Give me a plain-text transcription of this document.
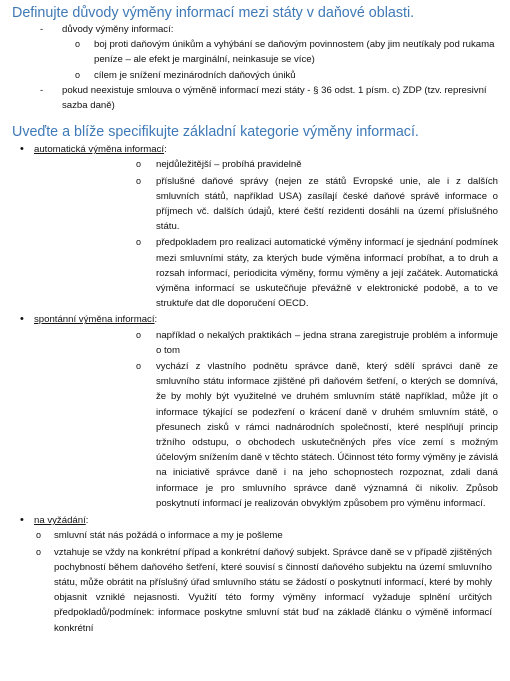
Definujte důvody výměny informací mezi státy v daňové oblasti.
- důvody výměny informací:
o boj proti daňovým únikům a vyhýbání se daňovým povinnostem (aby jim neutíkaly pod rukama peníze – ale efekt je marginální, neinkasuje se více)
o cílem je snížení mezinárodních daňových úniků
- pokud neexistuje smlouva o výměně informací mezi státy - § 36 odst. 1 písm. c) ZDP (tzv. represivní sazba daně)
Uveďte a blíže specifikujte základní kategorie výměny informací.
• automatická výměna informací:
o nejdůležitější – probíhá pravidelně
o příslušné daňové správy (nejen ze států Evropské unie, ale i z dalších smluvních států, například USA) zasílají české daňové správě informace o příjmech vč. dalších údajů, které čeští rezidenti dosáhli na území příslušného státu.
o předpokladem pro realizaci automatické výměny informací je sjednání podmínek mezi smluvními státy, za kterých bude výměna informací probíhat, a to druh a rozsah informací, periodicita výměny, formu výměny a její začátek. Automatická výměna informací se uskutečňuje převážně v elektronické podobě, a to ve struktuře dat dle doporučení OECD.
• spontánní výměna informací:
o například o nekalých praktikách – jedna strana zaregistruje problém a informuje o tom
o vychází z vlastního podnětu správce daně, který sdělí správci daně ze smluvního státu informace zjištěné při daňovém šetření, o kterých se domnívá, že by mohly být využitelné ve druhém smluvním státě například, může jít o informace týkající se podezření o krácení daně v druhém smluvním státě, o přesunech zisků v rámci nadnárodních společností, které nesplňují princip tržního odstupu, o obchodech uskutečněných přes více zemí s možným účelovým snížením daně v těchto státech. Účinnost této formy výměny je závislá na iniciativě správce daně i na jeho schopnostech rozpoznat, zdali daná informace je pro smluvního správce daně významná či nikoliv. Způsob poskytnutí informací je realizován obvyklým způsobem pro výměnu informací.
• na vyžádání:
o smluvní stát nás požádá o informace a my je pošleme
o vztahuje se vždy na konkrétní případ a konkrétní daňový subjekt. Správce daně se v případě zjištěných pochybností během daňového šetření, které souvisí s činností daňového subjektu na území smluvního státu, může obrátit na příslušný úřad smluvního státu se žádostí o poskytnutí informací, které by mohly objasnit vzniklé nejasnosti. Využití této formy výměny informací vyžaduje splnění určitých předpokladů/podmínek: informace poskytne smluvní stát buď na základě článku o výměně informací konkrétní
